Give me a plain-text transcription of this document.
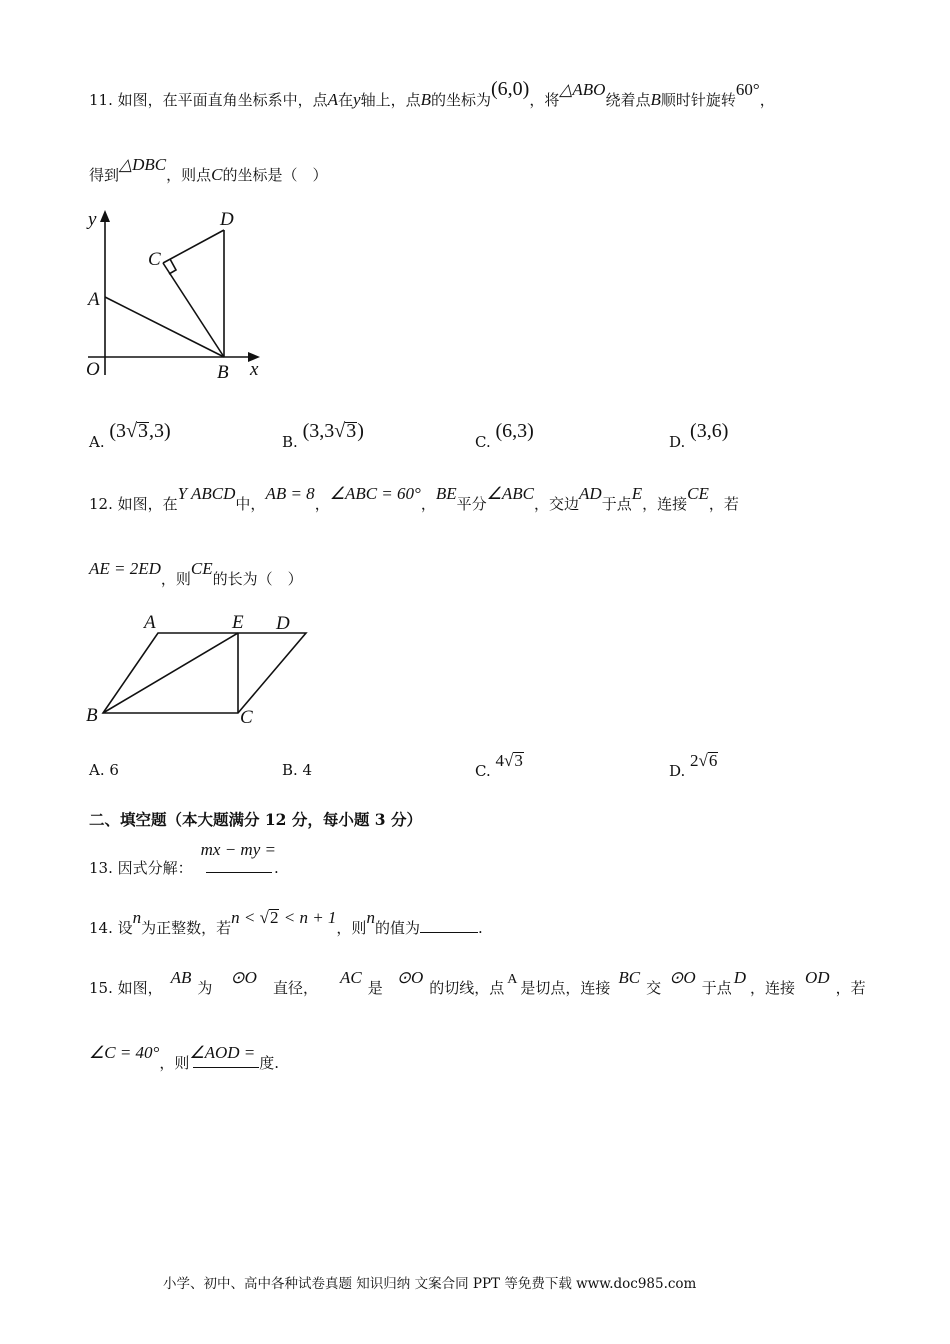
11. 如图，在平面直角坐标系中，点A在y轴上，点B的坐标为(6,0)，将△ABO绕着点B顺时针旋转60°，
得到△DBC，则点C的坐标是（　）
y	D
C
A
O	B x
A. (3√3,3)	B. (3,3√3)	C. (6,3)	D. (3,6)
12. 如图，在Y ABCD中，AB = 8，∠ABC = 60°，BE平分∠ABC，交边AD于点E，连接CE，若
AE = 2ED，则CE的长为（　）
A	E D
B	C
A. 6	B. 4	C. 4√3
D. 2√6
二、填空题（本大题满分 12 分，每小题 3 分）
13. 因式分解：mx − my =.
14. 设n为正整数，若n < √2 < n + 1，则n的值为	.
15. 如图，AB为⊙O直径，AC是⊙O的切线，点 A 是切点，连接BC交⊙O于点D，连接OD，若
∠C = 40°，则∠AOD =度.
小学、初中、高中各种试卷真题 知识归纳 文案合同 PPT 等免费下载 www.doc985.com
